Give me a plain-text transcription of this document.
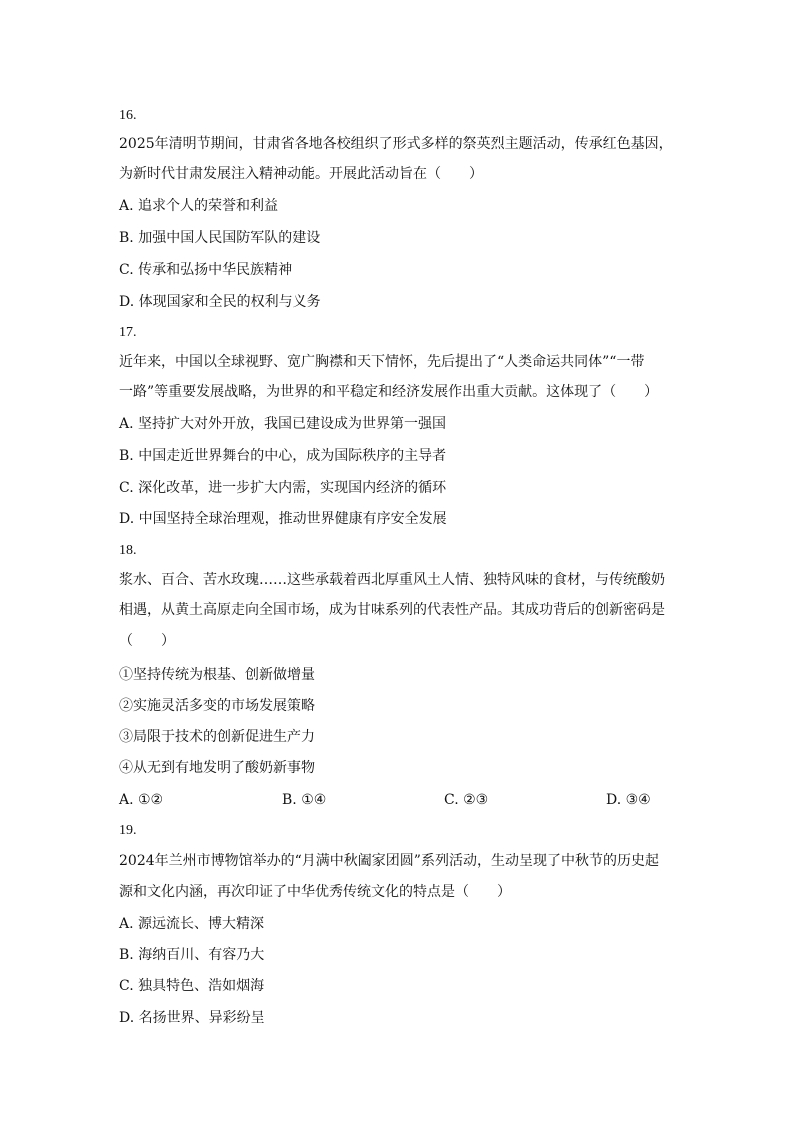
16.
2025年清明节期间，甘肃省各地各校组织了形式多样的祭英烈主题活动，传承红色基因，
为新时代甘肃发展注入精神动能。开展此活动旨在（　　）
A. 追求个人的荣誉和利益
B. 加强中国人民国防军队的建设
C. 传承和弘扬中华民族精神
D. 体现国家和全民的权利与义务
17.
近年来，中国以全球视野、宽广胸襟和天下情怀，先后提出了“人类命运共同体”“一带
一路”等重要发展战略，为世界的和平稳定和经济发展作出重大贡献。这体现了（　　）
A. 坚持扩大对外开放，我国已建设成为世界第一强国
B. 中国走近世界舞台的中心，成为国际秩序的主导者
C. 深化改革，进一步扩大内需，实现国内经济的循环
D. 中国坚持全球治理观，推动世界健康有序安全发展
18.
浆水、百合、苦水玫瑰……这些承载着西北厚重风土人情、独特风味的食材，与传统酸奶
相遇，从黄土高原走向全国市场，成为甘味系列的代表性产品。其成功背后的创新密码是
（　　）
①坚持传统为根基、创新做增量
②实施灵活多变的市场发展策略
③局限于技术的创新促进生产力
④从无到有地发明了酸奶新事物
A. ①②	B. ①④	C. ②③	D. ③④
19.
2024年兰州市博物馆举办的“月满中秋阖家团圆”系列活动，生动呈现了中秋节的历史起
源和文化内涵，再次印证了中华优秀传统文化的特点是（　　）
A. 源远流长、博大精深
B. 海纳百川、有容乃大
C. 独具特色、浩如烟海
D. 名扬世界、异彩纷呈
